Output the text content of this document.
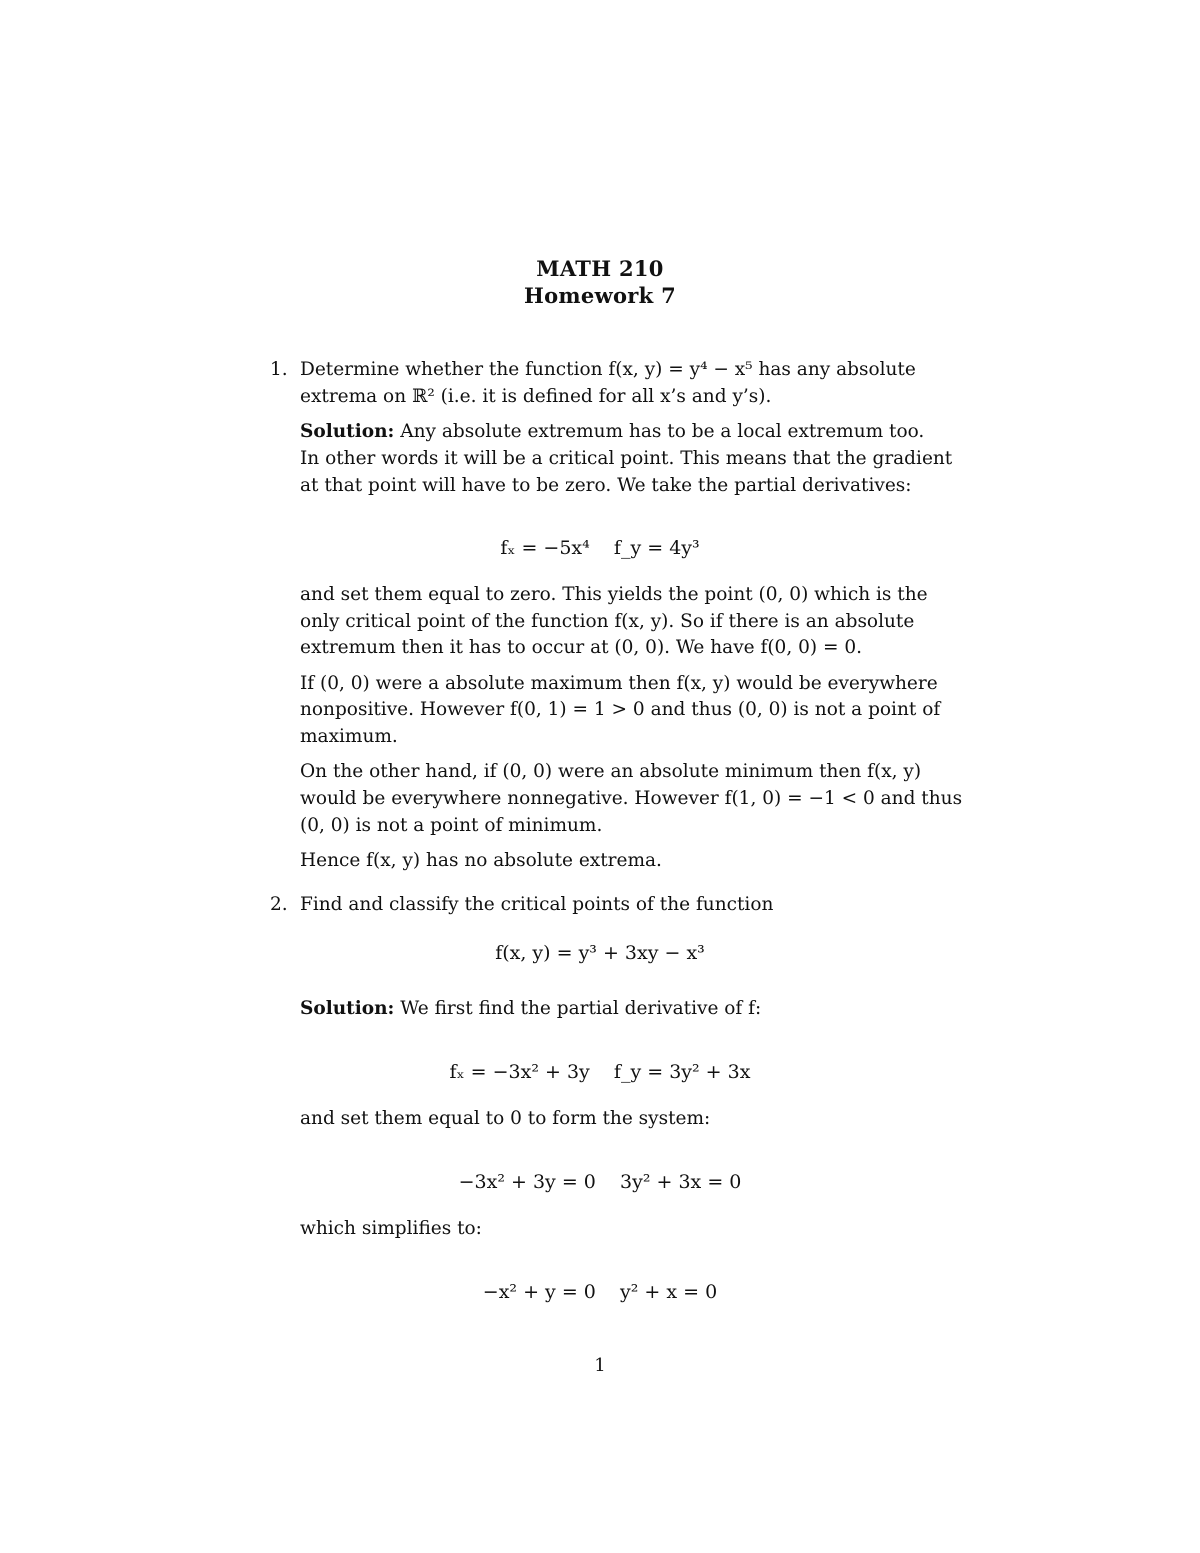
MATH 210
Homework 7
1. Determine whether the function f(x, y) = y⁴ − x⁵ has any absolute
extrema on ℝ² (i.e. it is defined for all x’s and y’s).
Solution: Any absolute extremum has to be a local extremum too.
In other words it will be a critical point. This means that the gradient
at that point will have to be zero. We take the partial derivatives:
fₓ = −5x⁴    f_y = 4y³
and set them equal to zero. This yields the point (0, 0) which is the
only critical point of the function f(x, y). So if there is an absolute
extremum then it has to occur at (0, 0). We have f(0, 0) = 0.
If (0, 0) were a absolute maximum then f(x, y) would be everywhere
nonpositive. However f(0, 1) = 1 > 0 and thus (0, 0) is not a point of
maximum.
On the other hand, if (0, 0) were an absolute minimum then f(x, y)
would be everywhere nonnegative. However f(1, 0) = −1 < 0 and thus
(0, 0) is not a point of minimum.
Hence f(x, y) has no absolute extrema.
2. Find and classify the critical points of the function
f(x, y) = y³ + 3xy − x³
Solution: We first find the partial derivative of f:
fₓ = −3x² + 3y    f_y = 3y² + 3x
and set them equal to 0 to form the system:
−3x² + 3y = 0    3y² + 3x = 0
which simplifies to:
−x² + y = 0    y² + x = 0
1
